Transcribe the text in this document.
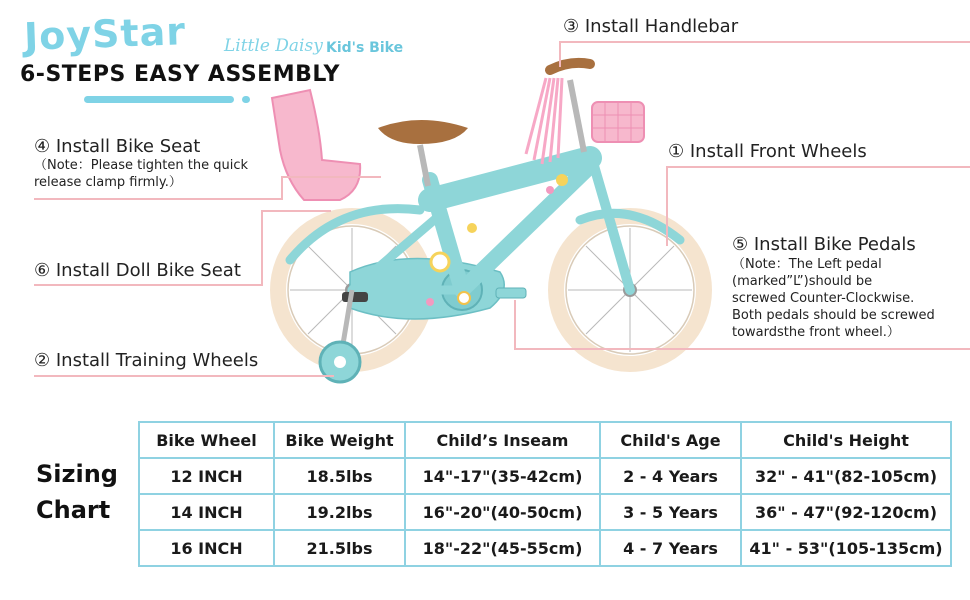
JoyStar Little Daisy Kid's Bike
6-STEPS EASY ASSEMBLY
③ Install Handlebar
④ Install Bike Seat
（Note：Please tighten the quick
release clamp firmly.）
① Install Front Wheels
⑤ Install Bike Pedals
（Note：The Left pedal
(marked”L”)should be
screwed Counter-Clockwise.
Both pedals should be screwed
towardsthe front wheel.）
⑥ Install Doll Bike Seat
② Install Training Wheels
Sizing
Chart
Bike Wheel	Bike Weight	Child’s Inseam	Child's Age	Child's Height
12 INCH	18.5lbs	14"-17"(35-42cm)	2 - 4 Years	32" - 41"(82-105cm)
14 INCH	19.2lbs	16"-20"(40-50cm)	3 - 5 Years	36" - 47"(92-120cm)
16 INCH	21.5lbs	18"-22"(45-55cm)	4 - 7 Years	41" - 53"(105-135cm)
